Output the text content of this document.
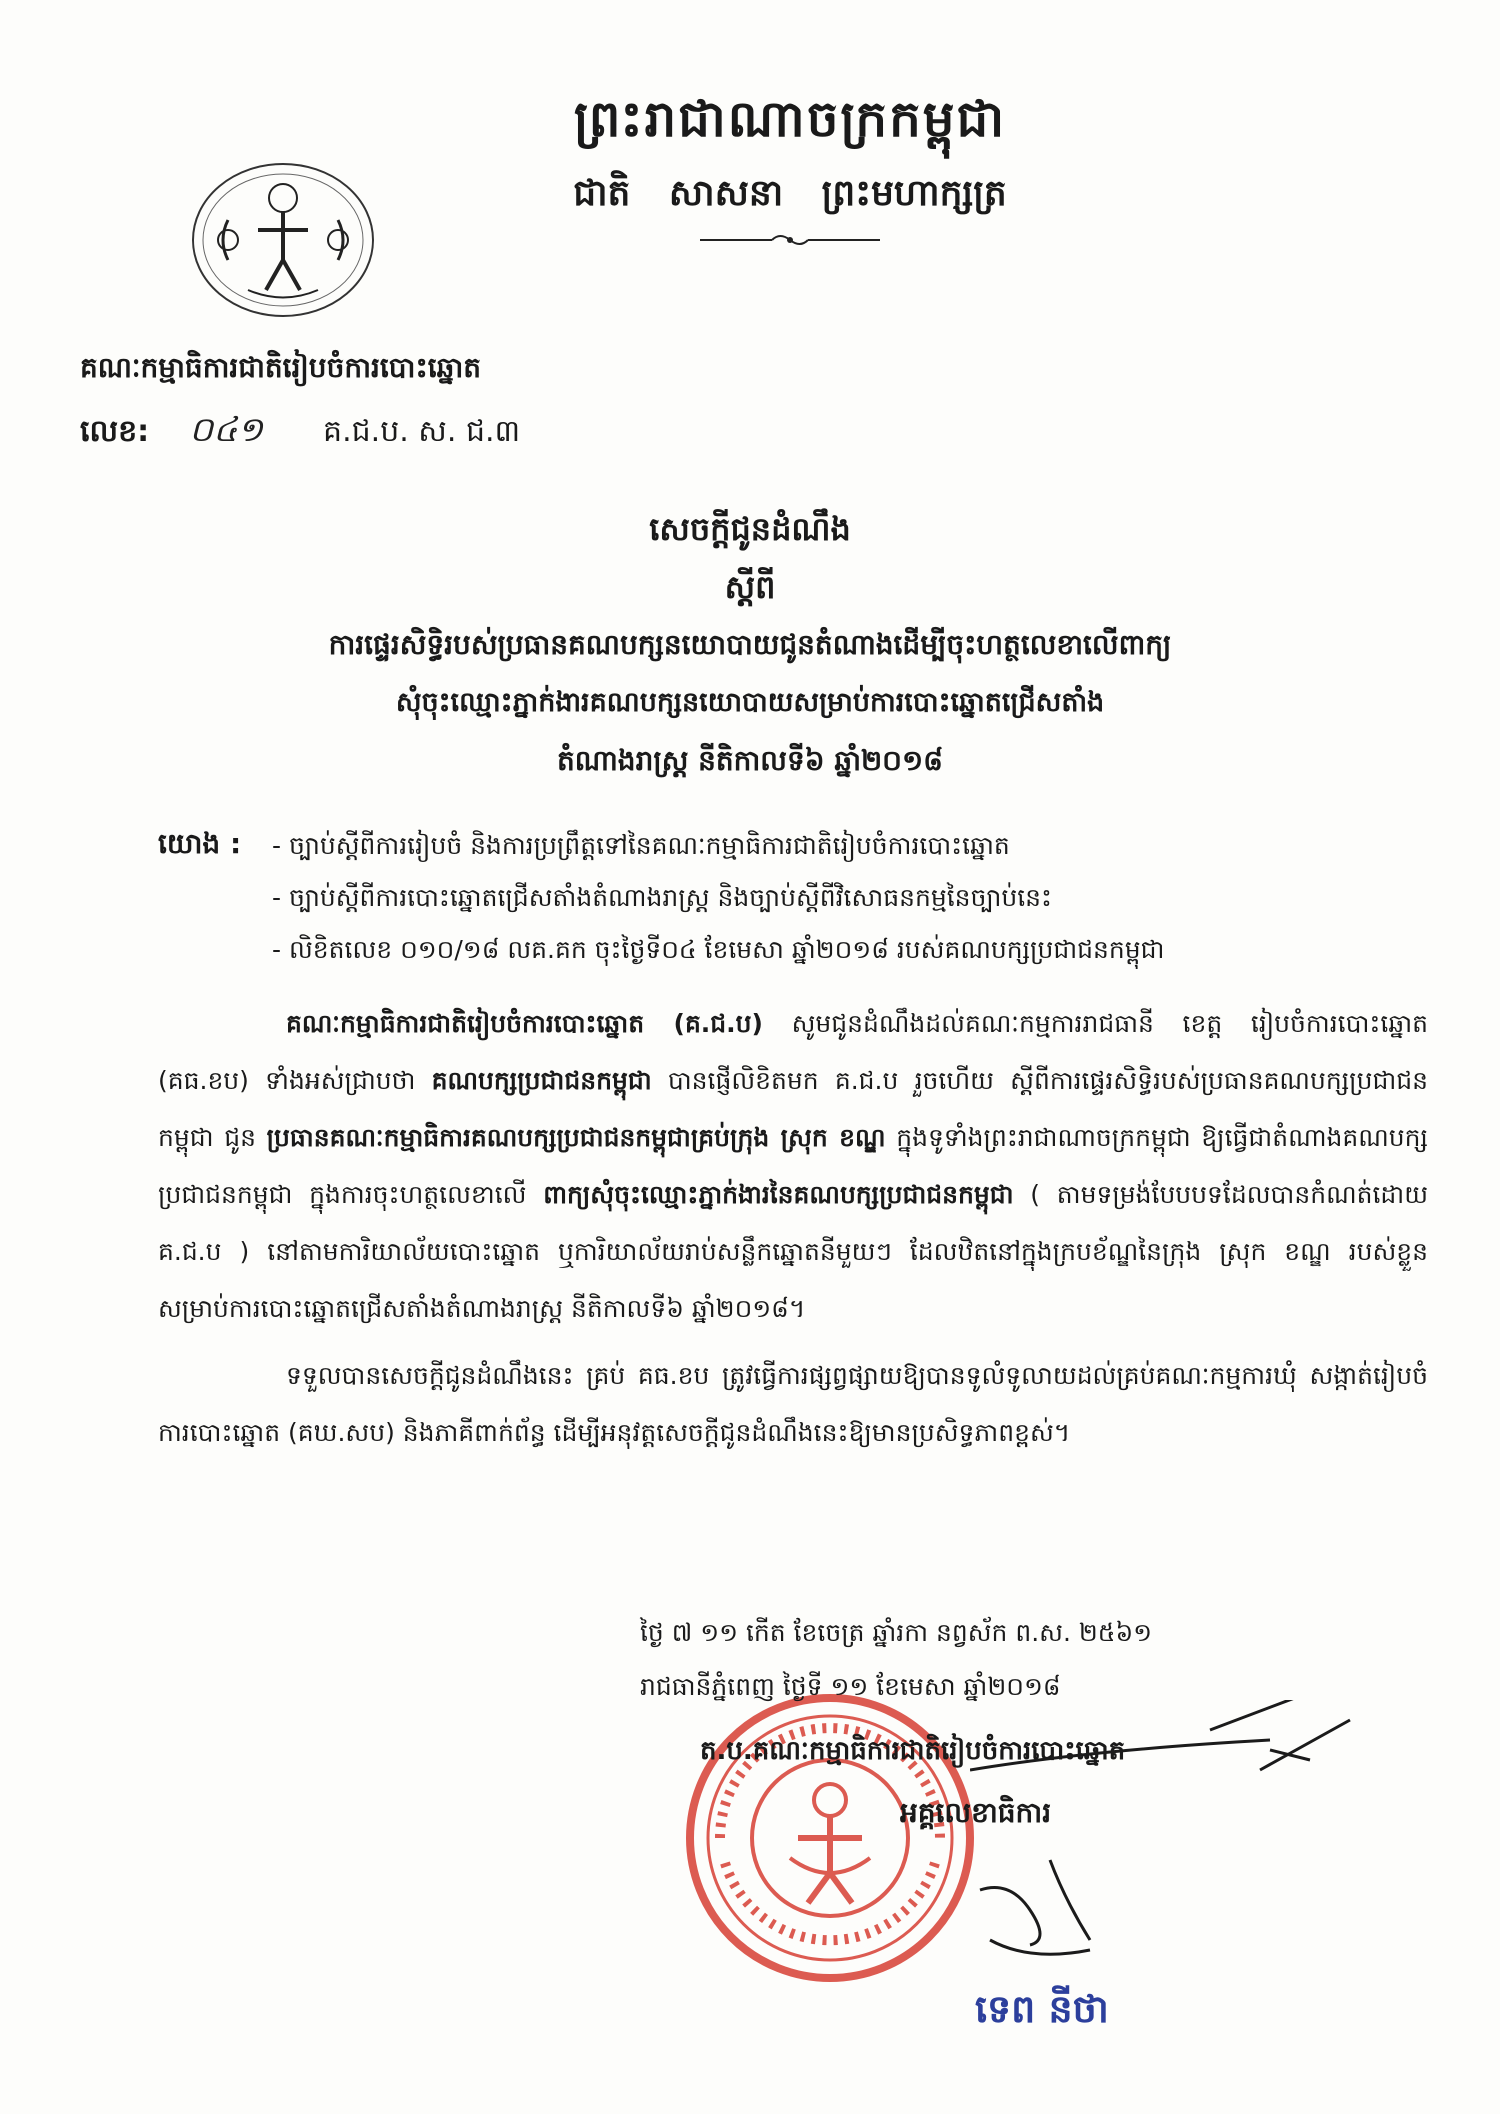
ព្រះរាជាណាចក្រកម្ពុជា
ជាតិ សាសនា ព្រះមហាក្សត្រ
គណៈកម្មាធិការជាតិរៀបចំការបោះឆ្នោត
លេខ: ០៤១ គ.ជ.ប. ស. ជ.៣
សេចក្តីជូនដំណឹង
ស្តីពី
ការផ្ទេរសិទ្ធិរបស់ប្រធានគណបក្សនយោបាយជូនតំណាងដើម្បីចុះហត្ថលេខាលើពាក្យ
សុំចុះឈ្មោះភ្នាក់ងារគណបក្សនយោបាយសម្រាប់ការបោះឆ្នោតជ្រើសតាំង
តំណាងរាស្ត្រ នីតិកាលទី៦ ឆ្នាំ២០១៨
យោង : - ច្បាប់ស្តីពីការរៀបចំ និងការប្រព្រឹត្តទៅនៃគណៈកម្មាធិការជាតិរៀបចំការបោះឆ្នោត
- ច្បាប់ស្តីពីការបោះឆ្នោតជ្រើសតាំងតំណាងរាស្ត្រ និងច្បាប់ស្តីពីវិសោធនកម្មនៃច្បាប់នេះ
- លិខិតលេខ ០១០/១៨ លគ.គក ចុះថ្ងៃទី០៤ ខែមេសា ឆ្នាំ២០១៨ របស់គណបក្សប្រជាជនកម្ពុជា

គណៈកម្មាធិការជាតិរៀបចំការបោះឆ្នោត (គ.ជ.ប) សូមជូនដំណឹងដល់គណៈកម្មការរាជធានី ខេត្ត រៀបចំការបោះឆ្នោត (គធ.ខប) ទាំងអស់ជ្រាបថា គណបក្សប្រជាជនកម្ពុជា បានផ្ញើលិខិតមក គ.ជ.ប រួចហើយ ស្តីពីការផ្ទេរសិទ្ធិរបស់ប្រធានគណបក្សប្រជាជនកម្ពុជា ជូន ប្រធានគណៈកម្មាធិការគណបក្សប្រជាជនកម្ពុជាគ្រប់ក្រុង ស្រុក ខណ្ឌ ក្នុងទូទាំងព្រះរាជាណាចក្រកម្ពុជា ឱ្យធ្វើជាតំណាងគណបក្សប្រជាជនកម្ពុជា ក្នុងការចុះហត្ថលេខាលើ ពាក្យសុំចុះឈ្មោះភ្នាក់ងារនៃគណបក្សប្រជាជនកម្ពុជា ( តាមទម្រង់បែបបទដែលបានកំណត់ដោយ គ.ជ.ប ) នៅតាមការិយាល័យបោះឆ្នោត ឬការិយាល័យរាប់សន្លឹកឆ្នោតនីមួយៗ ដែលឋិតនៅក្នុងក្របខ័ណ្ឌនៃក្រុង ស្រុក ខណ្ឌ របស់ខ្លួនសម្រាប់ការបោះឆ្នោតជ្រើសតាំងតំណាងរាស្ត្រ នីតិកាលទី៦ ឆ្នាំ២០១៨។

ទទួលបានសេចក្តីជូនដំណឹងនេះ គ្រប់ គធ.ខប ត្រូវធ្វើការផ្សព្វផ្សាយឱ្យបានទូលំទូលាយដល់គ្រប់គណៈកម្មការឃុំ សង្កាត់រៀបចំការបោះឆ្នោត (គឃ.សប) និងភាគីពាក់ព័ន្ធ ដើម្បីអនុវត្តសេចក្តីជូនដំណឹងនេះឱ្យមានប្រសិទ្ធភាពខ្ពស់។

ថ្ងៃ ៧ ១១ កើត ខែចេត្រ ឆ្នាំរកា នព្វស័ក ព.ស. ២៥៦១
រាជធានីភ្នំពេញ ថ្ងៃទី ១១ ខែមេសា ឆ្នាំ២០១៨
ត.ប.គណៈកម្មាធិការជាតិរៀបចំការបោះឆ្នោត
អគ្គលេខាធិការ
ទេព នីថា
